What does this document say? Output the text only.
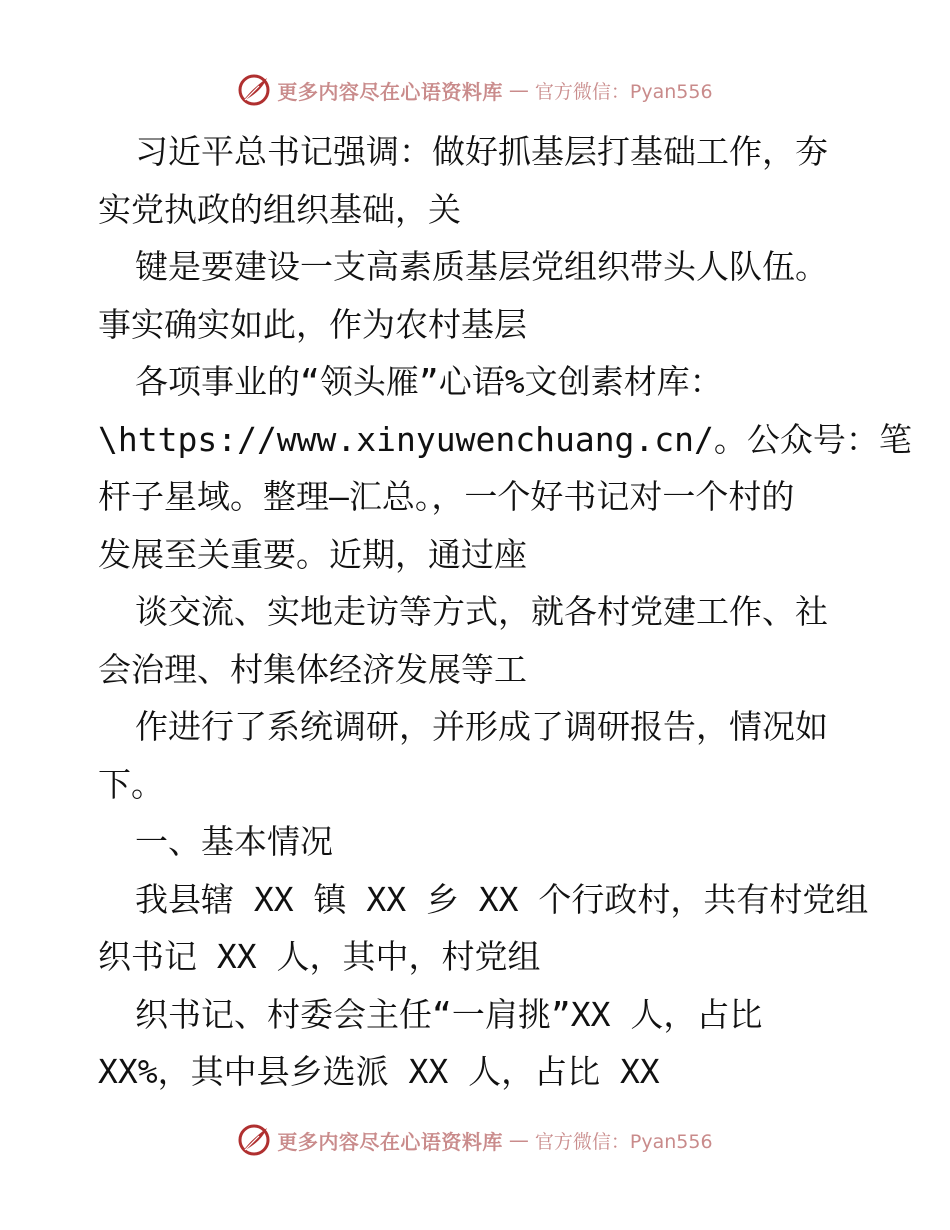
更多内容尽在心语资料库 — 官方微信：Pyan556
习近平总书记强调：做好抓基层打基础工作，夯
实党执政的组织基础，关
键是要建设一支高素质基层党组织带头人队伍。
事实确实如此，作为农村基层
各项事业的“领头雁”心语%文创素材库：
\https://www.xinyuwenchuang.cn/。公众号：笔
杆子星域。整理—汇总。，一个好书记对一个村的
发展至关重要。近期，通过座
谈交流、实地走访等方式，就各村党建工作、社
会治理、村集体经济发展等工
作进行了系统调研，并形成了调研报告，情况如
下。
一、基本情况
我县辖 XX 镇 XX 乡 XX 个行政村，共有村党组
织书记 XX 人，其中，村党组
织书记、村委会主任“一肩挑”XX 人，占比
XX%，其中县乡选派 XX 人，占比 XX
更多内容尽在心语资料库 — 官方微信：Pyan556
